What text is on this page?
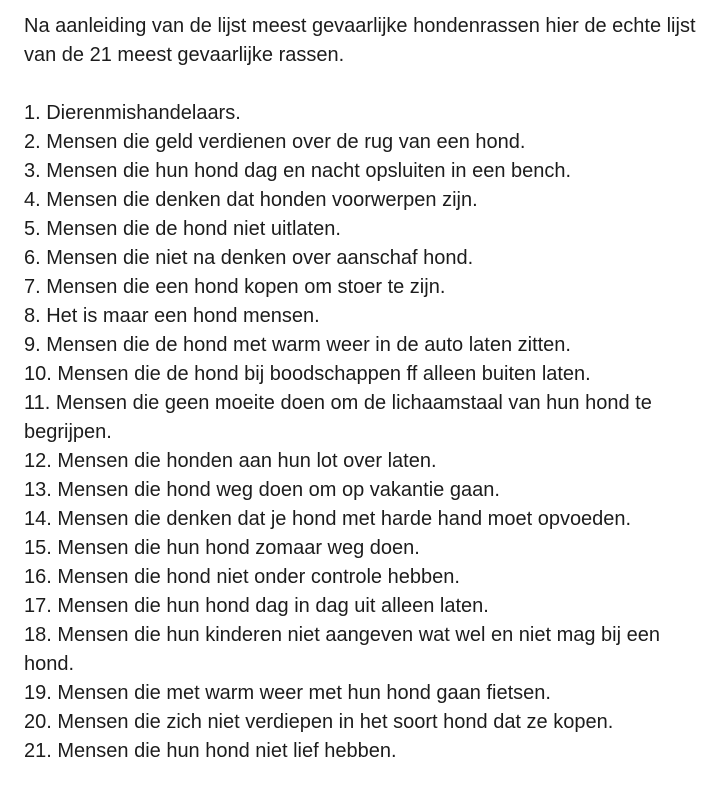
Na aanleiding van de lijst meest gevaarlijke hondenrassen hier de echte lijst van de 21 meest gevaarlijke rassen.

1. Dierenmishandelaars.
2. Mensen die geld verdienen over de rug van een hond.
3. Mensen die hun hond dag en nacht opsluiten in een bench.
4. Mensen die denken dat honden voorwerpen zijn.
5. Mensen die de hond niet uitlaten.
6. Mensen die niet na denken over aanschaf hond.
7. Mensen die een hond kopen om stoer te zijn.
8. Het is maar een hond mensen.
9. Mensen die de hond met warm weer in de auto laten zitten.
10. Mensen die de hond bij boodschappen ff alleen buiten laten.
11. Mensen die geen moeite doen om de lichaamstaal van hun hond te begrijpen.
12. Mensen die honden aan hun lot over laten.
13. Mensen die hond weg doen om op vakantie gaan.
14. Mensen die denken dat je hond met harde hand moet opvoeden.
15. Mensen die hun hond zomaar weg doen.
16. Mensen die hond niet onder controle hebben.
17. Mensen die hun hond dag in dag uit alleen laten.
18. Mensen die hun kinderen niet aangeven wat wel en niet mag bij een hond.
19. Mensen die met warm weer met hun hond gaan fietsen.
20. Mensen die zich niet verdiepen in het soort hond dat ze kopen.
21. Mensen die hun hond niet lief hebben.
